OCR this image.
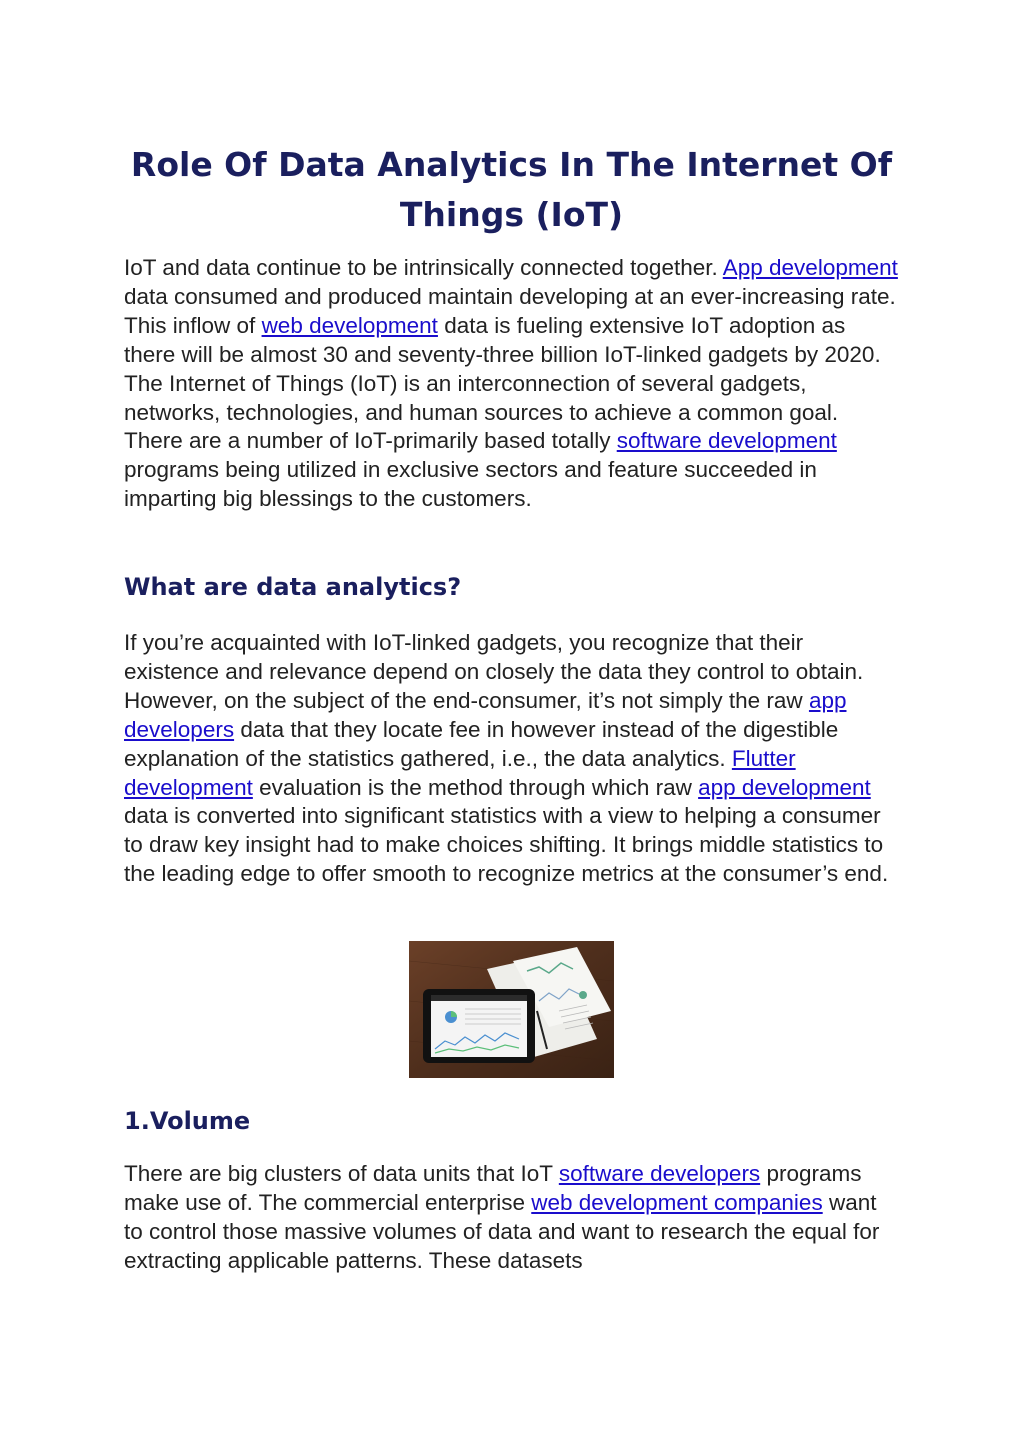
Role Of Data Analytics In The Internet Of Things (IoT)

IoT and data continue to be intrinsically connected together. App development data consumed and produced maintain developing at an ever-increasing rate. This inflow of web development data is fueling extensive IoT adoption as there will be almost 30 and seventy-three billion IoT-linked gadgets by 2020. The Internet of Things (IoT) is an interconnection of several gadgets, networks, technologies, and human sources to achieve a common goal. There are a number of IoT-primarily based totally software development programs being utilized in exclusive sectors and feature succeeded in imparting big blessings to the customers.

What are data analytics?

If you’re acquainted with IoT-linked gadgets, you recognize that their existence and relevance depend on closely the data they control to obtain. However, on the subject of the end-consumer, it’s not simply the raw app developers data that they locate fee in however instead of the digestible explanation of the statistics gathered, i.e., the data analytics. Flutter development evaluation is the method through which raw app development data is converted into significant statistics with a view to helping a consumer to draw key insight had to make choices shifting. It brings middle statistics to the leading edge to offer smooth to recognize metrics at the consumer’s end.

1.Volume

There are big clusters of data units that IoT software developers programs make use of. The commercial enterprise web development companies want to control those massive volumes of data and want to research the equal for extracting applicable patterns. These datasets
